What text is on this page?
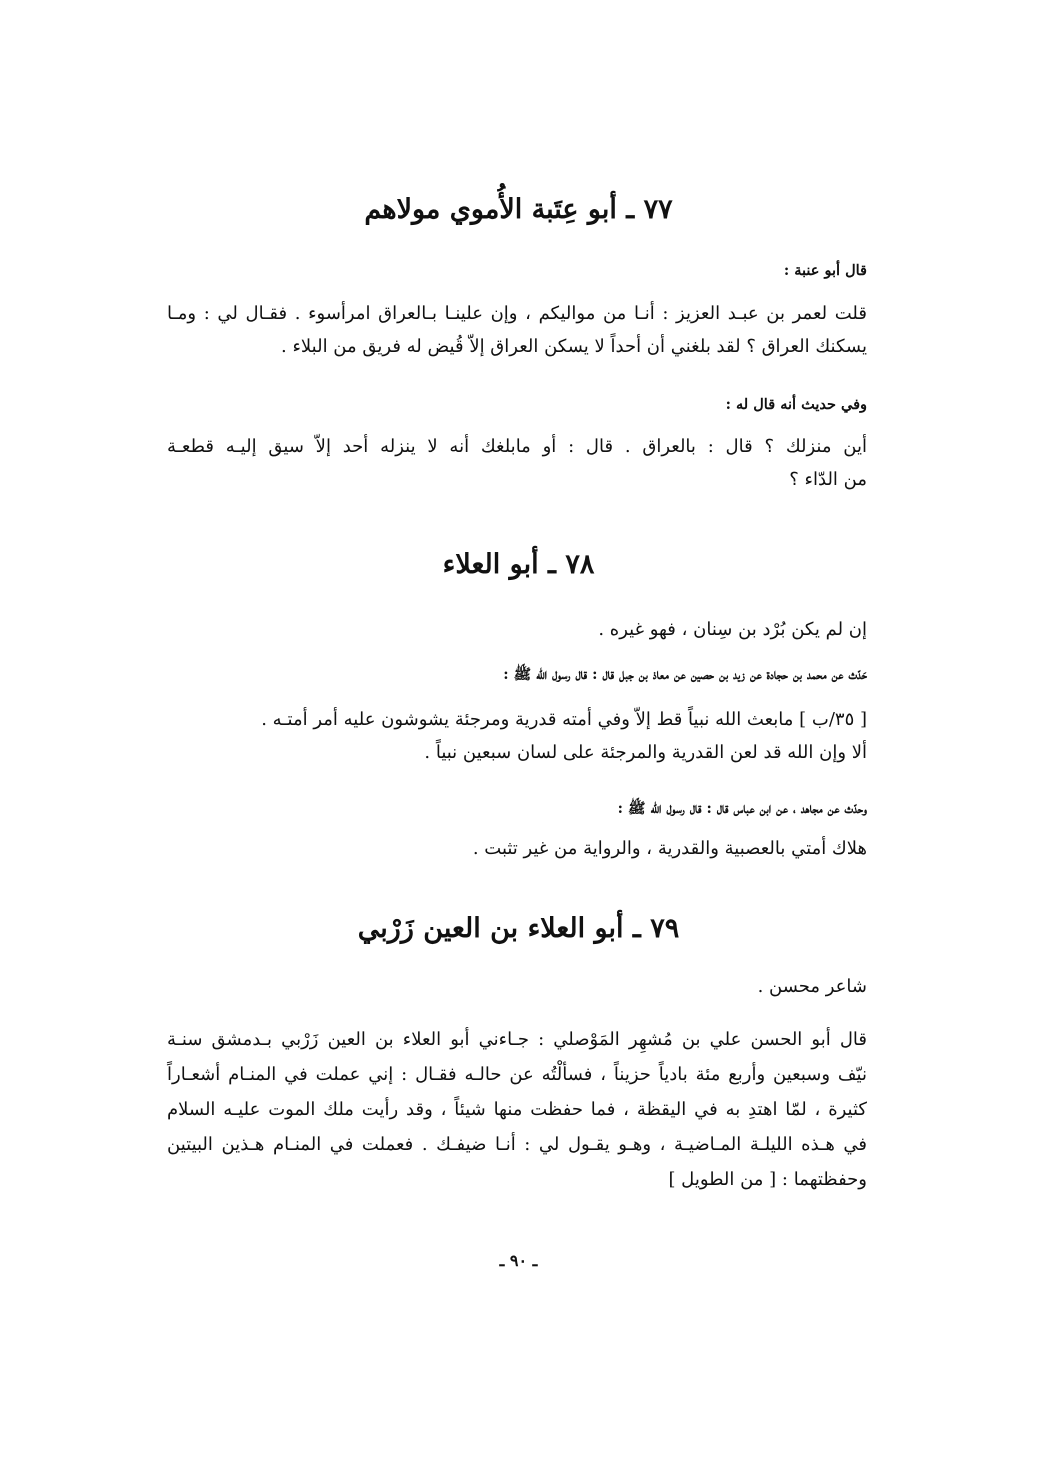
٧٧ ـ أبو عِتَبة الأُموي مولاهم
قال أبو عنبة :
قلت لعمر بن عبـد العزيز : أنـا من مواليكم ، وإن علينـا بـالعراق امرأسوء . فقـال لي : ومـا
يسكنك العراق ؟ لقد بلغني أن أحداً لا يسكن العراق إلاّ قُيض له فريق من البلاء .
وفي حديث أنه قال له :
أين منزلك ؟ قال : بالعراق . قال : أو مابلغك أنه لا ينزله أحد إلاّ سيق إليـه قطعـة
من الدّاء ؟
٧٨ ـ أبو العلاء
إن لم يكن بُرْد بن سِنان ، فهو غيره .
حَدّث عن محمد بن حجادة عن زيد بن حصين عن معاذ بن جبل قال : قال رسول الله ﷺ :
[ ٣٥/ب ] مابعث الله نبياً قط إلاّ وفي أمته قدرية ومرجئة يشوشون عليه أمر أمتـه .
ألا وإن الله قد لعن القدرية والمرجئة على لسان سبعين نبياً .
وحدّث عن مجاهد ، عن ابن عباس قال : قال رسول الله ﷺ :
هلاك أمتي بالعصبية والقدرية ، والرواية من غير تثبت .
٧٩ ـ أبو العلاء بن العين زَرْبي
شاعر محسن .
قال أبو الحسن علي بن مُشهِر المَوْصلي : جـاءني أبو العلاء بن العين زَرْبي بـدمشق سنـة
نيّف وسبعين وأربع مئة بادياً حزيناً ، فسألْتُه عن حالـه فقـال : إني عملت في المنـام أشعـاراً
كثيرة ، لمّا اهتدِ به في اليقظة ، فما حفظت منها شيئاً ، وقد رأيت ملك الموت عليـه السلام
في هـذه الليلـة المـاضيـة ، وهـو يقـول لي : أنـا ضيفـك . فعملت في المنـام هـذين البيتين
وحفظتهما : [ من الطويل ]
ـ ٩٠ ـ
